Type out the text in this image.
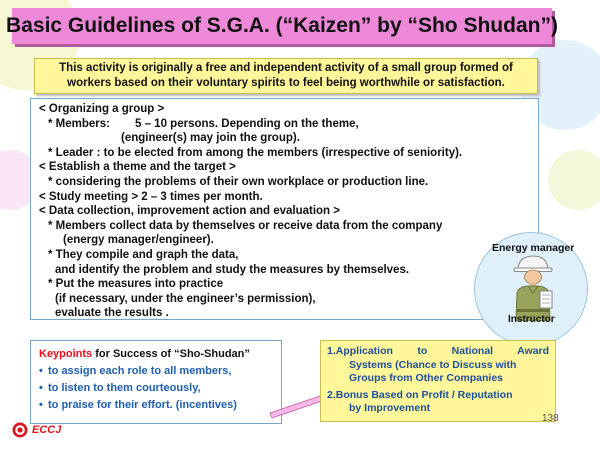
Basic Guidelines of S.G.A. (“Kaizen” by “Sho Shudan”)
This activity is originally a free and independent activity of a small group formed of
workers based on their voluntary spirits to feel being worthwhile or satisfaction.
< Organizing a group >
* Members: 5 – 10 persons. Depending on the theme,
(engineer(s) may join the group).
* Leader : to be elected from among the members (irrespective of seniority).
< Establish a theme and the target >
* considering the problems of their own workplace or production line.
< Study meeting > 2 – 3 times per month.
< Data collection, improvement action and evaluation >
* Members collect data by themselves or receive data from the company
(energy manager/engineer).
* They compile and graph the data,
and identify the problem and study the measures by themselves.
* Put the measures into practice
(if necessary, under the engineer’s permission),
evaluate the results .
Energy manager
Instructor
Keypoints for Success of “Sho-Shudan”
• to assign each role to all members,
• to listen to them courteously,
• to praise for their effort. (incentives)
1.Application to National Award
Systems (Chance to Discuss with
Groups from Other Companies
2.Bonus Based on Profit / Reputation
by Improvement
138
ECCJ
